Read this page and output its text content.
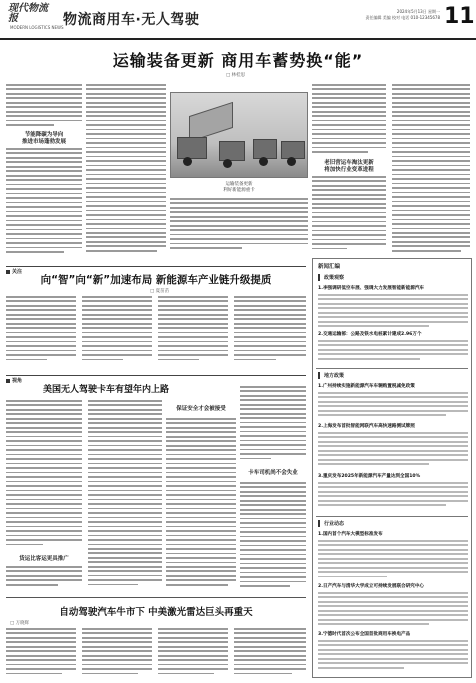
现代物流报
MODERN LOGISTICS NEWS 物流商用车·无人驾驶
2024年5月13日 星期一
责任编辑 美编 校对 电话 010-12345678 11
运输装备更新 商用车蓄势换“能”
□ 林桂思
节能降碳为导向
推进市场蓬勃发展
运输装备更新
利好新能源重卡
老旧营运车淘汰更新
将加快行业变革进程
关注
向“智”向“新”加速布局 新能源车产业链升级提质
□ 夏苗苗
视角
美国无人驾驶卡车有望年内上路
货运比客运更具推广
保证安全才会被接受
卡车司机尚不会失业
自动驾驶汽车牛市下 中美激光雷达巨头再重天
□ 万晓辉
新闻汇编
政策观察
1.李强调研低空车展、强调大力发展智能新能源汽车
2.交通运输部：公路及铁水电桩累计建成2.96万个
地方政策
1.广州持续实施新能源汽车车辆购置税减免政策
2.上海发布首批智能网联汽车高快速路测试牌照
3.重庆发布2025年新能源汽车产量达到全国10%
行业动态
1.国内首个汽车大模型标准发布
2.日产汽车与清华大学成立可持续发展联合研究中心
3.宁德时代首次公布全国首批商用车换电产品
